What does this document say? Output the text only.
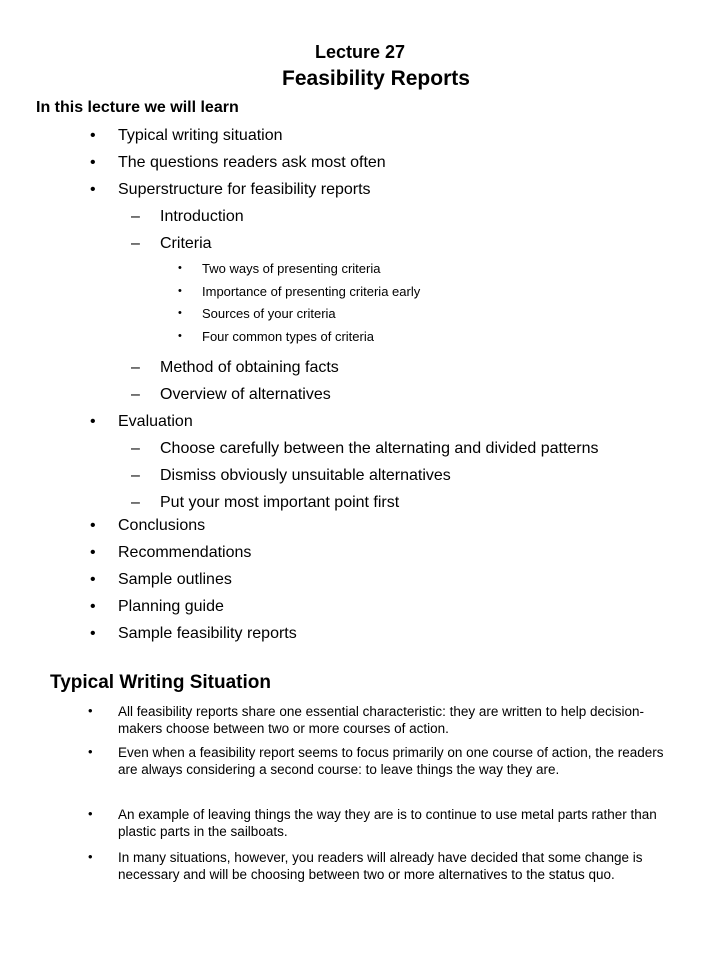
Lecture 27
Feasibility Reports
In this lecture we will learn
• Typical writing situation
• The questions readers ask most often
• Superstructure for feasibility reports
– Introduction
– Criteria
• Two ways of presenting criteria
• Importance of presenting criteria early
• Sources of your criteria
• Four common types of criteria
– Method of obtaining facts
– Overview of alternatives
• Evaluation
– Choose carefully between the alternating and divided patterns
– Dismiss obviously unsuitable alternatives
– Put your most important point first
• Conclusions
• Recommendations
• Sample outlines
• Planning guide
• Sample feasibility reports
Typical Writing Situation
• All feasibility reports share one essential characteristic: they are written to help decision-makers choose between two or more courses of action.
• Even when a feasibility report seems to focus primarily on one course of action, the readers are always considering a second course: to leave things the way they are.
• An example of leaving things the way they are is to continue to use metal parts rather than plastic parts in the sailboats.
• In many situations, however, you readers will already have decided that some change is necessary and will be choosing between two or more alternatives to the status quo.
